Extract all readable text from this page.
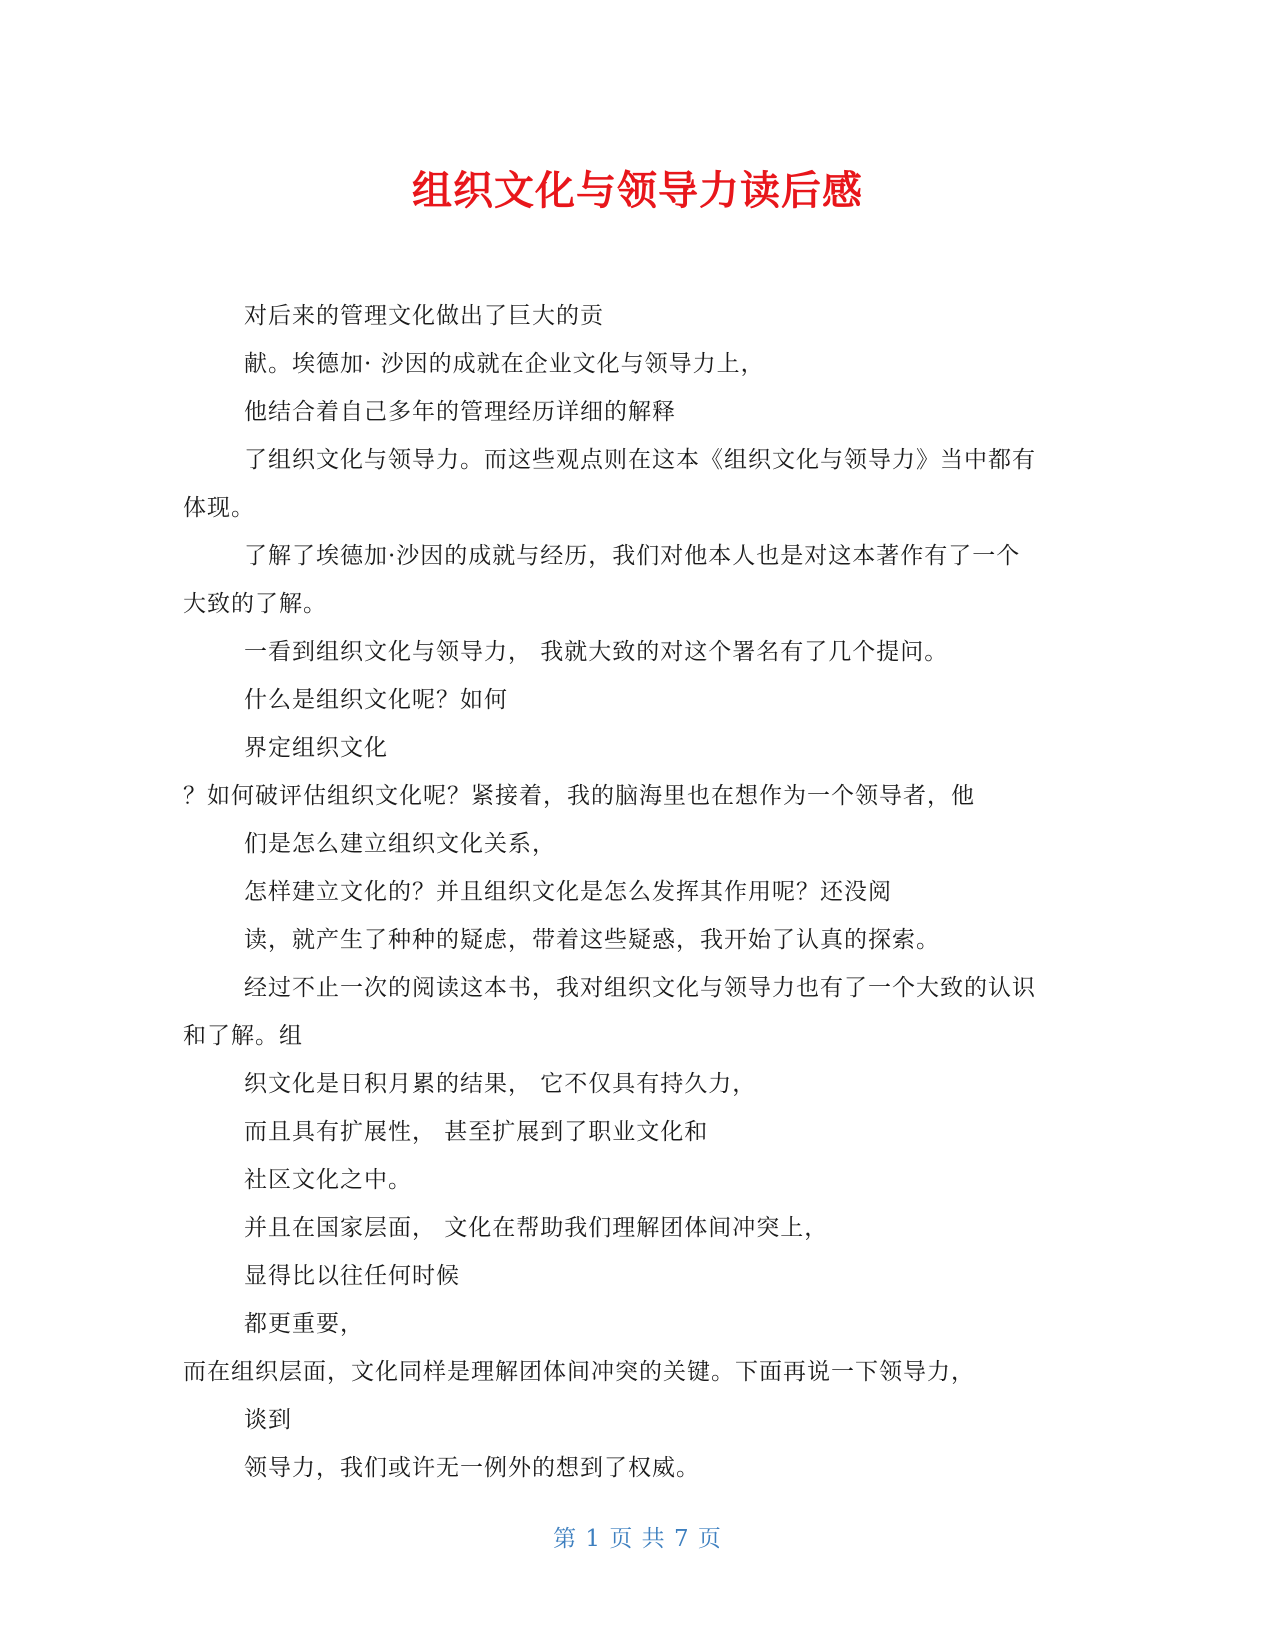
组织文化与领导力读后感

对后来的管理文化做出了巨大的贡

献。埃德加· 沙因的成就在企业文化与领导力上，

他结合着自己多年的管理经历详细的解释

了组织文化与领导力。而这些观点则在这本《组织文化与领导力》当中都有

体现。

了解了埃德加·沙因的成就与经历，我们对他本人也是对这本著作有了一个

大致的了解。

一看到组织文化与领导力， 我就大致的对这个署名有了几个提问。

什么是组织文化呢？如何

界定组织文化

？如何破评估组织文化呢？紧接着，我的脑海里也在想作为一个领导者，他

们是怎么建立组织文化关系，

怎样建立文化的？并且组织文化是怎么发挥其作用呢？还没阅

读，就产生了种种的疑虑，带着这些疑惑，我开始了认真的探索。

经过不止一次的阅读这本书，我对组织文化与领导力也有了一个大致的认识

和了解。组

织文化是日积月累的结果， 它不仅具有持久力，

而且具有扩展性， 甚至扩展到了职业文化和

社区文化之中。

并且在国家层面， 文化在帮助我们理解团体间冲突上，

显得比以往任何时候

都更重要，

而在组织层面，文化同样是理解团体间冲突的关键。下面再说一下领导力，

谈到

领导力，我们或许无一例外的想到了权威。

第 1 页 共 7 页
